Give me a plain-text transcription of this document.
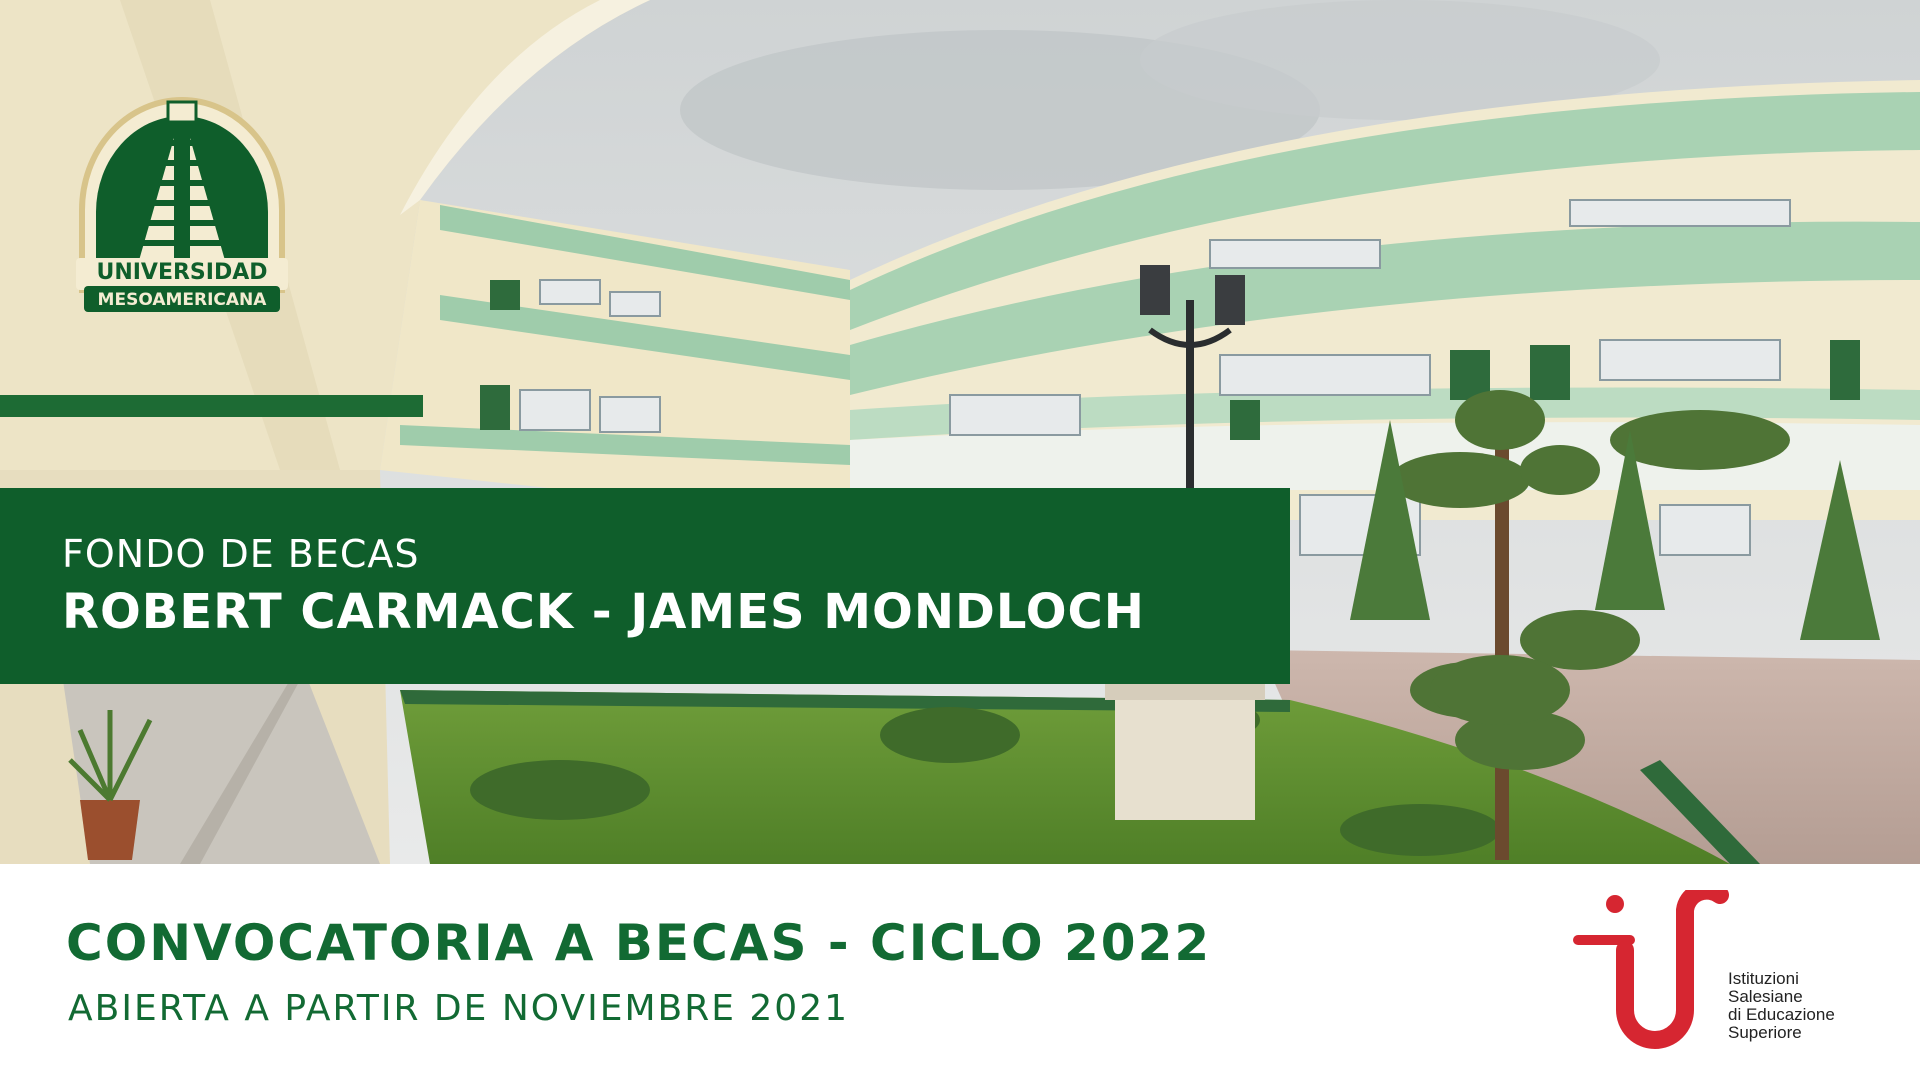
UNIVERSIDAD
MESOAMERICANA
FONDO DE BECAS
ROBERT CARMACK - JAMES MONDLOCH
CONVOCATORIA A BECAS - CICLO 2022
ABIERTA A PARTIR DE NOVIEMBRE 2021
Istituzioni
Salesiane
di Educazione
Superiore
